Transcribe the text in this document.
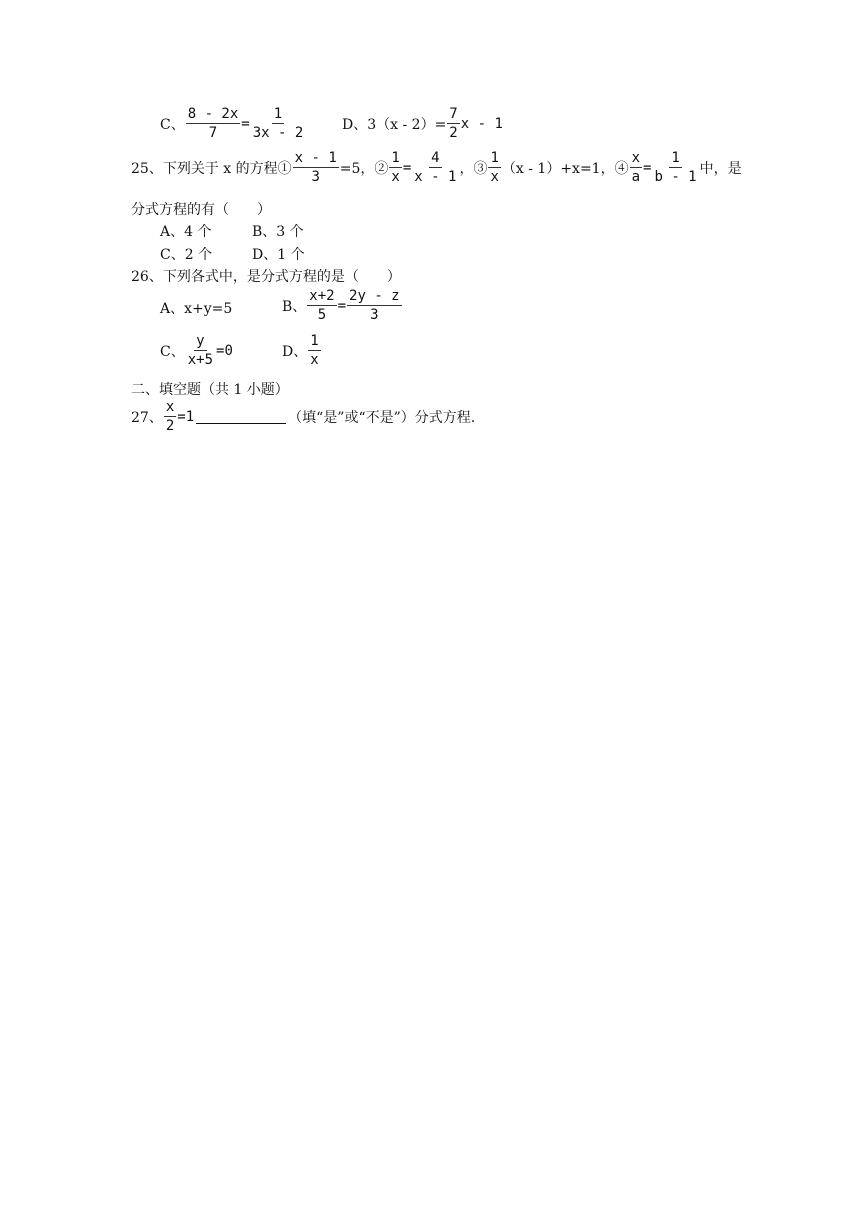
C、 $\frac{8 - 2x}{7} = \frac{1}{3x - 2}$	D、$3(x - 2)= \frac{7}{2}$ x - 1
25、下列关于 x 的方程① $\frac{x - 1}{3} =5$，② $\frac{1}{x} = \frac{4}{x - 1}$ ，③ $\frac{1}{x} (x - 1)+x=1$，④ $\frac{x}{a} = \frac{1}{b - 1}$ 中，是
分式方程的有（　　）
A、4 个	B、3 个
C、2 个	D、1 个
26、下列各式中，是分式方程的是（　　）
A、x+y=5	B、 $\frac{x+2}{5} = \frac{2y - z}{3}$
C、 $\frac{y}{x+5} =0$	D、 $\frac{1}{x}$
二、填空题（共 1 小题）
27、 $\frac{x}{2} =1$	（填“是”或“不是”）分式方程.
